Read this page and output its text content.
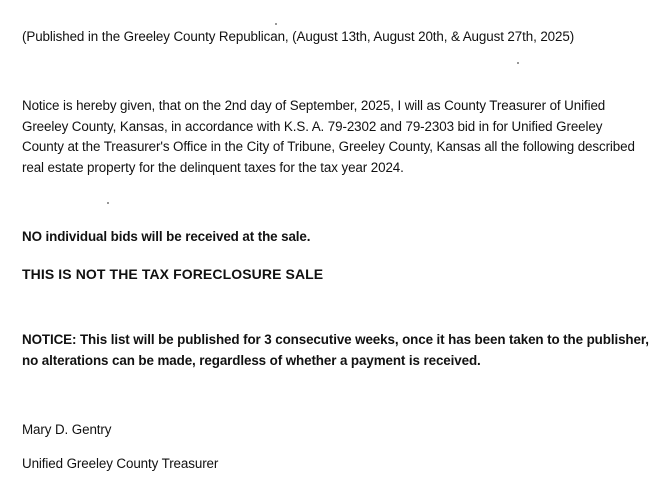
(Published in the Greeley County Republican, (August 13th, August 20th, & August 27th, 2025)

Notice is hereby given, that on the 2nd day of September, 2025, I will as County Treasurer of Unified Greeley County, Kansas, in accordance with K.S. A. 79-2302 and 79-2303 bid in for Unified Greeley County at the Treasurer's Office in the City of Tribune, Greeley County, Kansas all the following described real estate property for the delinquent taxes for the tax year 2024.

NO individual bids will be received at the sale.

THIS IS NOT THE TAX FORECLOSURE SALE

NOTICE: This list will be published for 3 consecutive weeks, once it has been taken to the publisher, no alterations can be made, regardless of whether a payment is received.

Mary D. Gentry

Unified Greeley County Treasurer
